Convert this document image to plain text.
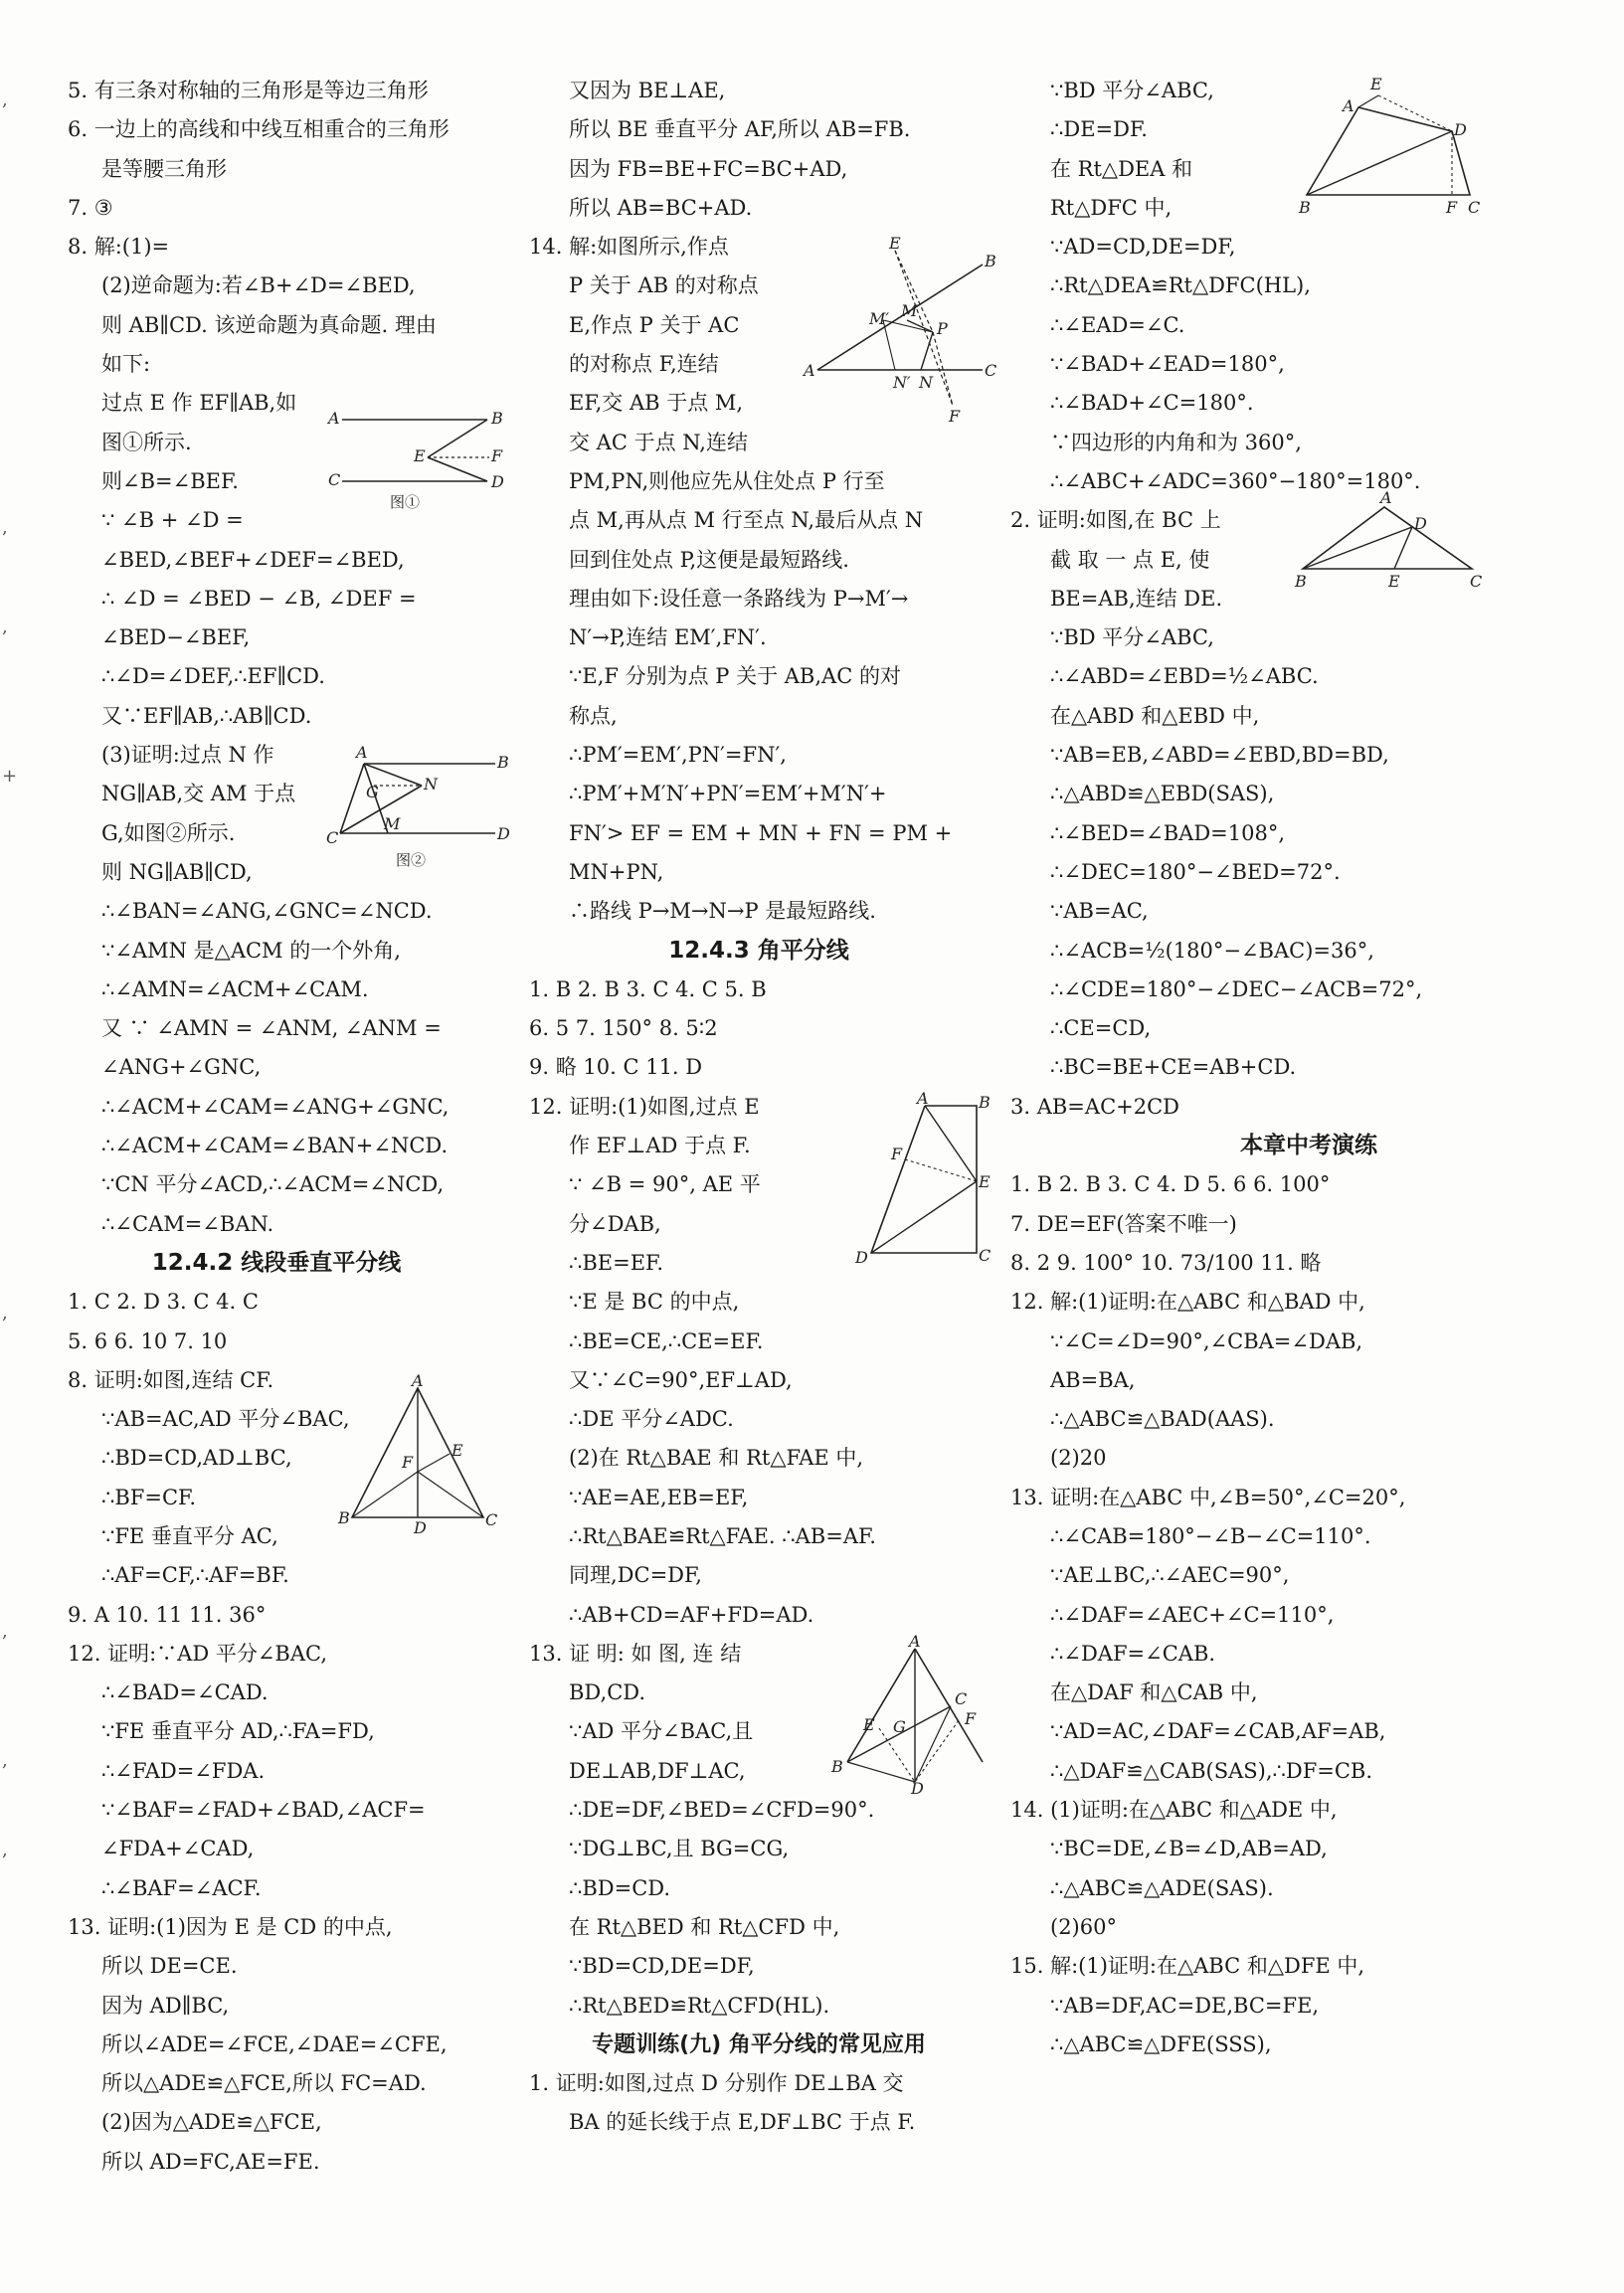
5. 有三条对称轴的三角形是等边三角形
6. 一边上的高线和中线互相重合的三角形
是等腰三角形
7. ③
8. 解:(1)=
(2)逆命题为:若∠B+∠D=∠BED,
则 AB∥CD. 该逆命题为真命题. 理由
如下:
过点 E 作 EF∥AB,如
图①所示.
则∠B=∠BEF.
∵ ∠B + ∠D =
∠BED,∠BEF+∠DEF=∠BED,
∴ ∠D = ∠BED − ∠B, ∠DEF =
∠BED−∠BEF,
∴∠D=∠DEF,∴EF∥CD.
又∵EF∥AB,∴AB∥CD.
(3)证明:过点 N 作
NG∥AB,交 AM 于点
G,如图②所示.
则 NG∥AB∥CD,
∴∠BAN=∠ANG,∠GNC=∠NCD.
∵∠AMN 是△ACM 的一个外角,
∴∠AMN=∠ACM+∠CAM.
又 ∵ ∠AMN = ∠ANM, ∠ANM =
∠ANG+∠GNC,
∴∠ACM+∠CAM=∠ANG+∠GNC,
∴∠ACM+∠CAM=∠BAN+∠NCD.
∵CN 平分∠ACD,∴∠ACM=∠NCD,
∴∠CAM=∠BAN.
12.4.2 线段垂直平分线
1. C 2. D 3. C 4. C
5. 6 6. 10 7. 10
8. 证明:如图,连结 CF.
∵AB=AC,AD 平分∠BAC,
∴BD=CD,AD⊥BC,
∴BF=CF.
∵FE 垂直平分 AC,
∴AF=CF,∴AF=BF.
9. A 10. 11 11. 36°
12. 证明:∵AD 平分∠BAC,
∴∠BAD=∠CAD.
∵FE 垂直平分 AD,∴FA=FD,
∴∠FAD=∠FDA.
∵∠BAF=∠FAD+∠BAD,∠ACF=
∠FDA+∠CAD,
∴∠BAF=∠ACF.
13. 证明:(1)因为 E 是 CD 的中点,
所以 DE=CE.
因为 AD∥BC,
所以∠ADE=∠FCE,∠DAE=∠CFE,
所以△ADE≌△FCE,所以 FC=AD.
(2)因为△ADE≌△FCE,
所以 AD=FC,AE=FE.
又因为 BE⊥AE,
所以 BE 垂直平分 AF,所以 AB=FB.
因为 FB=BE+FC=BC+AD,
所以 AB=BC+AD.
14. 解:如图所示,作点
P 关于 AB 的对称点
E,作点 P 关于 AC
的对称点 F,连结
EF,交 AB 于点 M,
交 AC 于点 N,连结
PM,PN,则他应先从住处点 P 行至
点 M,再从点 M 行至点 N,最后从点 N
回到住处点 P,这便是最短路线.
理由如下:设任意一条路线为 P→M′→
N′→P,连结 EM′,FN′.
∵E,F 分别为点 P 关于 AB,AC 的对
称点,
∴PM′=EM′,PN′=FN′,
∴PM′+M′N′+PN′=EM′+M′N′+
FN′> EF = EM + MN + FN = PM +
MN+PN,
∴路线 P→M→N→P 是最短路线.
12.4.3 角平分线
1. B 2. B 3. C 4. C 5. B
6. 5 7. 150° 8. 5∶2
9. 略 10. C 11. D
12. 证明:(1)如图,过点 E
作 EF⊥AD 于点 F.
∵ ∠B = 90°, AE 平
分∠DAB,
∴BE=EF.
∵E 是 BC 的中点,
∴BE=CE,∴CE=EF.
又∵∠C=90°,EF⊥AD,
∴DE 平分∠ADC.
(2)在 Rt△BAE 和 Rt△FAE 中,
∵AE=AE,EB=EF,
∴Rt△BAE≌Rt△FAE. ∴AB=AF.
同理,DC=DF,
∴AB+CD=AF+FD=AD.
13. 证 明: 如 图, 连 结
BD,CD.
∵AD 平分∠BAC,且
DE⊥AB,DF⊥AC,
∴DE=DF,∠BED=∠CFD=90°.
∵DG⊥BC,且 BG=CG,
∴BD=CD.
在 Rt△BED 和 Rt△CFD 中,
∵BD=CD,DE=DF,
∴Rt△BED≌Rt△CFD(HL).
专题训练(九) 角平分线的常见应用
1. 证明:如图,过点 D 分别作 DE⊥BA 交
BA 的延长线于点 E,DF⊥BC 于点 F.
∵BD 平分∠ABC,
∴DE=DF.
在 Rt△DEA 和
Rt△DFC 中,
∵AD=CD,DE=DF,
∴Rt△DEA≌Rt△DFC(HL),
∴∠EAD=∠C.
∵∠BAD+∠EAD=180°,
∴∠BAD+∠C=180°.
∵四边形的内角和为 360°,
∴∠ABC+∠ADC=360°−180°=180°.
2. 证明:如图,在 BC 上
截 取 一 点 E, 使
BE=AB,连结 DE.
∵BD 平分∠ABC,
∴∠ABD=∠EBD=½∠ABC.
在△ABD 和△EBD 中,
∵AB=EB,∠ABD=∠EBD,BD=BD,
∴△ABD≌△EBD(SAS),
∴∠BED=∠BAD=108°,
∴∠DEC=180°−∠BED=72°.
∵AB=AC,
∴∠ACB=½(180°−∠BAC)=36°,
∴∠CDE=180°−∠DEC−∠ACB=72°,
∴CE=CD,
∴BC=BE+CE=AB+CD.
3. AB=AC+2CD
本章中考演练
1. B 2. B 3. C 4. D 5. 6 6. 100°
7. DE=EF(答案不唯一)
8. 2 9. 100° 10. 73/100 11. 略
12. 解:(1)证明:在△ABC 和△BAD 中,
∵∠C=∠D=90°,∠CBA=∠DAB,
AB=BA,
∴△ABC≌△BAD(AAS).
(2)20
13. 证明:在△ABC 中,∠B=50°,∠C=20°,
∴∠CAB=180°−∠B−∠C=110°.
∵AE⊥BC,∴∠AEC=90°,
∴∠DAF=∠AEC+∠C=110°,
∴∠DAF=∠CAB.
在△DAF 和△CAB 中,
∵AD=AC,∠DAF=∠CAB,AF=AB,
∴△DAF≌△CAB(SAS),∴DF=CB.
14. (1)证明:在△ABC 和△ADE 中,
∵BC=DE,∠B=∠D,AB=AD,
∴△ABC≌△ADE(SAS).
(2)60°
15. 解:(1)证明:在△ABC 和△DFE 中,
∵AB=DF,AC=DE,BC=FE,
∴△ABC≌△DFE(SSS),
A	B
C	D
E	F
图①
A
B
C	D
G	N
M
图②
A
B	C
D
E
F
E
B
M′ M
P
A	C
N′ N
F
A	B
E
F
D	C
A
C
E G	F
B
D
E
A
D
B	F C
A
D
B	E	C
,
,
,
+
,
,
,
,
